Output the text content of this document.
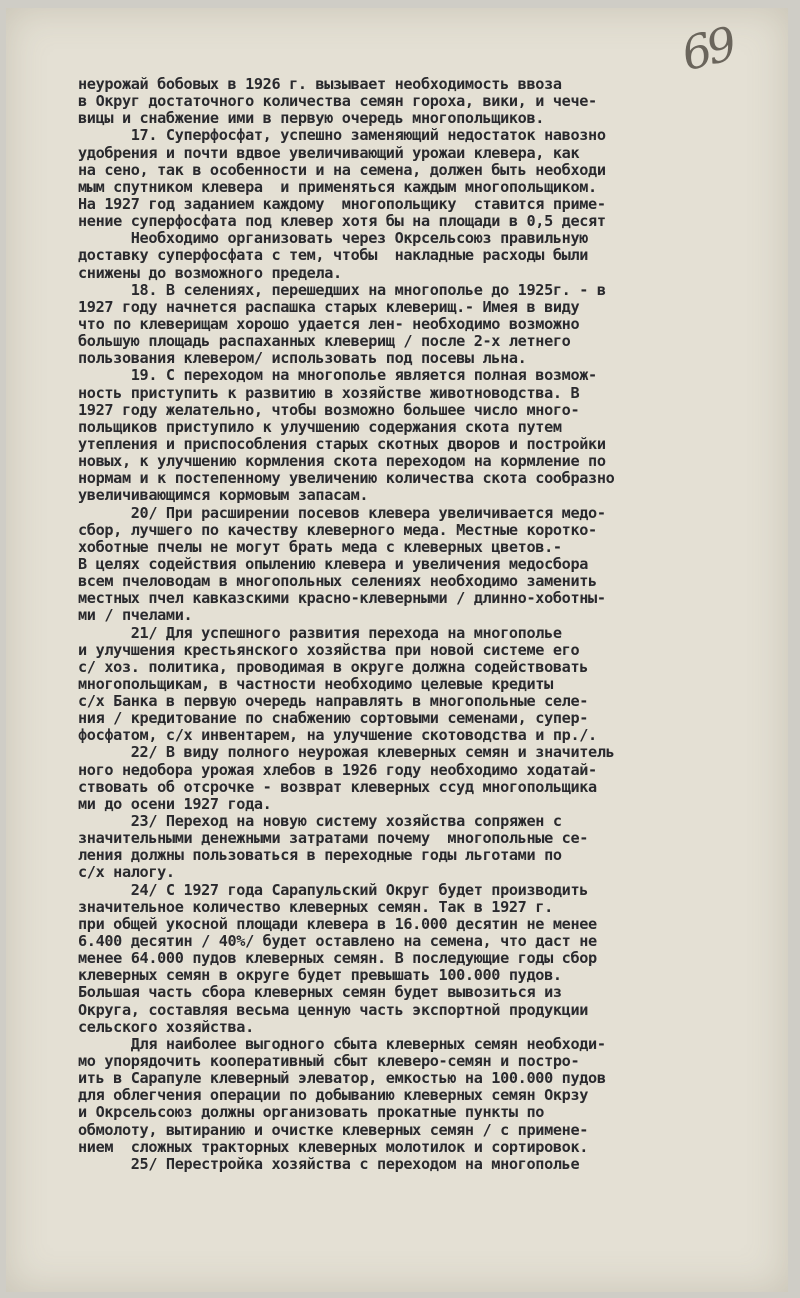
69
неурожай бобовых в 1926 г. вызывает необходимость ввоза
в Округ достаточного количества семян гороха, вики, и чече-
вицы и снабжение ими в первую очередь многопольщиков.
17. Суперфосфат, успешно заменяющий недостаток навозно
удобрения и почти вдвое увеличивающий урожаи клевера, как
на сено, так в особенности и на семена, должен быть необходи
мым спутником клевера  и применяться каждым многопольщиком.
На 1927 год заданием каждому  многопольщику  ставится приме-
нение суперфосфата под клевер хотя бы на площади в 0,5 десят
Необходимо организовать через Окрсельсоюз правильную
доставку суперфосфата с тем, чтобы  накладные расходы были
снижены до возможного предела.
18. В селениях, перешедших на многополье до 1925г. - в
1927 году начнется распашка старых клеверищ.- Имея в виду
что по клеверищам хорошо удается лен- необходимо возможно
большую площадь распаханных клеверищ / после 2-х летнего
пользования клевером/ использовать под посевы льна.
19. С переходом на многополье является полная возмож-
ность приступить к развитию в хозяйстве животноводства. В
1927 году желательно, чтобы возможно большее число много-
польщиков приступило к улучшению содержания скота путем
утепления и приспособления старых скотных дворов и постройки
новых, к улучшению кормления скота переходом на кормление по
нормам и к постепенному увеличению количества скота сообразно
увеличивающимся кормовым запасам.
20/ При расширении посевов клевера увеличивается медо-
сбор, лучшего по качеству клеверного меда. Местные коротко-
хоботные пчелы не могут брать меда с клеверных цветов.-
В целях содействия опылению клевера и увеличения медосбора
всем пчеловодам в многопольных селениях необходимо заменить
местных пчел кавказскими красно-клеверными / длинно-хоботны-
ми / пчелами.
21/ Для успешного развития перехода на многополье
и улучшения крестьянского хозяйства при новой системе его
с/ хоз. политика, проводимая в округе должна содействовать
многопольщикам, в частности необходимо целевые кредиты
с/х Банка в первую очередь направлять в многопольные селе-
ния / кредитование по снабжению сортовыми семенами, супер-
фосфатом, с/х инвентарем, на улучшение скотоводства и пр./.
22/ В виду полного неурожая клеверных семян и значитель
ного недобора урожая хлебов в 1926 году необходимо ходатай-
ствовать об отсрочке - возврат клеверных ссуд многопольщика
ми до осени 1927 года.
23/ Переход на новую систему хозяйства сопряжен с
значительными денежными затратами почему  многопольные се-
ления должны пользоваться в переходные годы льготами по
с/х налогу.
24/ С 1927 года Сарапульский Округ будет производить
значительное количество клеверных семян. Так в 1927 г.
при общей укосной площади клевера в 16.000 десятин не менее
6.400 десятин / 40%/ будет оставлено на семена, что даст не
менее 64.000 пудов клеверных семян. В последующие годы сбор
клеверных семян в округе будет превышать 100.000 пудов.
Большая часть сбора клеверных семян будет вывозиться из
Округа, составляя весьма ценную часть экспортной продукции
сельского хозяйства.
Для наиболее выгодного сбыта клеверных семян необходи-
мо упорядочить кооперативный сбыт клеверо-семян и постро-
ить в Сарапуле клеверный элеватор, емкостью на 100.000 пудов
для облегчения операции по добыванию клеверных семян Окрзу
и Окрсельсоюз должны организовать прокатные пункты по
обмолоту, вытиранию и очистке клеверных семян / с примене-
нием  сложных тракторных клеверных молотилок и сортировок.
25/ Перестройка хозяйства с переходом на многополье
